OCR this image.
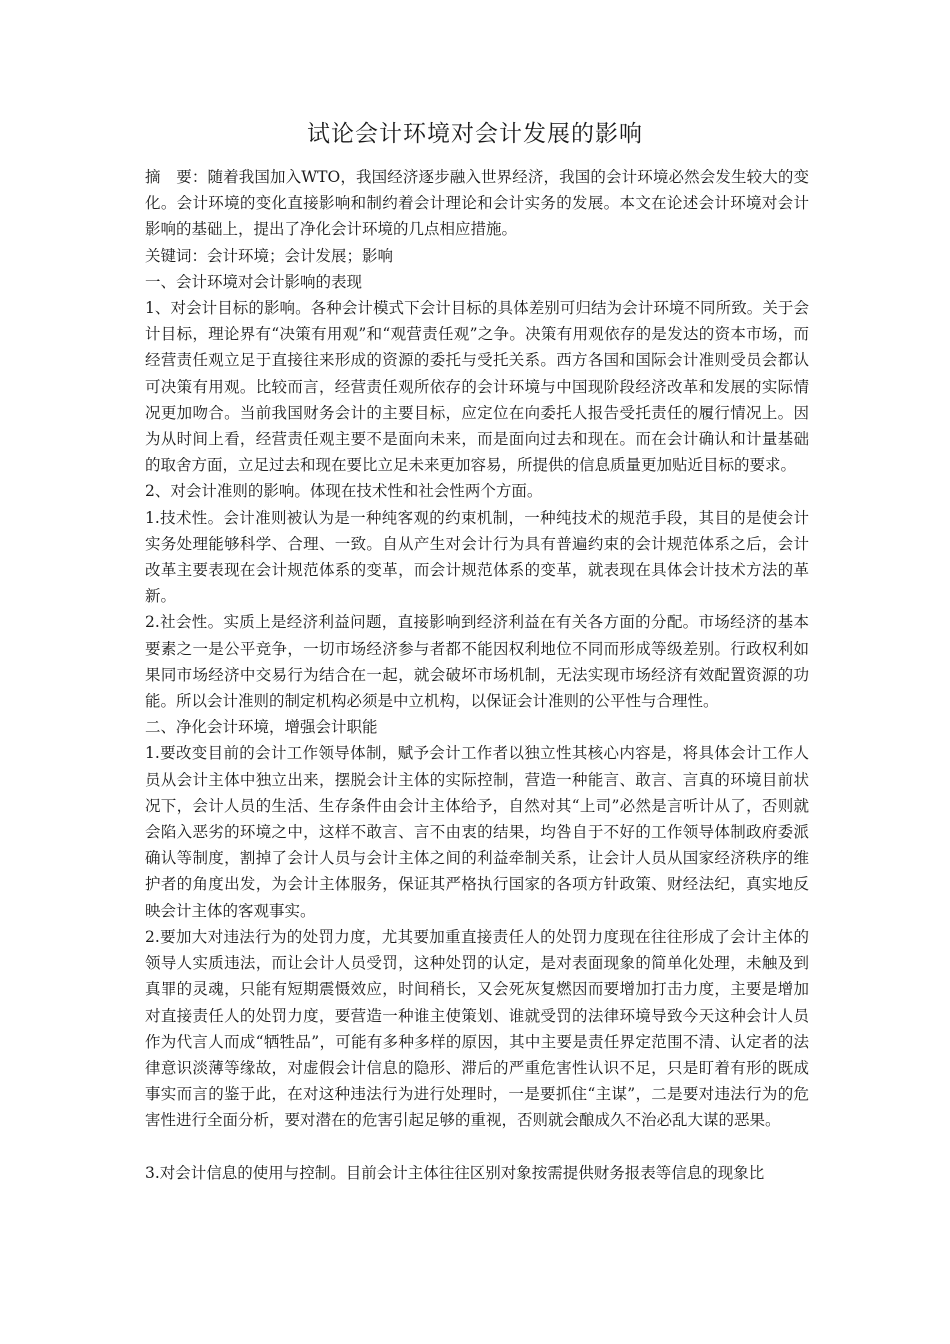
试论会计环境对会计发展的影响

摘　要：随着我国加入WTO，我国经济逐步融入世界经济，我国的会计环境必然会发生较大的变化。会计环境的变化直接影响和制约着会计理论和会计实务的发展。本文在论述会计环境对会计影响的基础上，提出了净化会计环境的几点相应措施。

关键词：会计环境；会计发展；影响

一、会计环境对会计影响的表现

1、对会计目标的影响。各种会计模式下会计目标的具体差别可归结为会计环境不同所致。关于会计目标，理论界有“决策有用观”和“观营责任观”之争。决策有用观依存的是发达的资本市场，而经营责任观立足于直接往来形成的资源的委托与受托关系。西方各国和国际会计准则受员会都认可决策有用观。比较而言，经营责任观所依存的会计环境与中国现阶段经济改革和发展的实际情况更加吻合。当前我国财务会计的主要目标，应定位在向委托人报告受托责任的履行情况上。因为从时间上看，经营责任观主要不是面向未来，而是面向过去和现在。而在会计确认和计量基础的取舍方面，立足过去和现在要比立足未来更加容易，所提供的信息质量更加贴近目标的要求。

2、对会计准则的影响。体现在技术性和社会性两个方面。

1.技术性。会计准则被认为是一种纯客观的约束机制，一种纯技术的规范手段，其目的是使会计实务处理能够科学、合理、一致。自从产生对会计行为具有普遍约束的会计规范体系之后，会计改革主要表现在会计规范体系的变革，而会计规范体系的变革，就表现在具体会计技术方法的革新。

2.社会性。实质上是经济利益问题，直接影响到经济利益在有关各方面的分配。市场经济的基本要素之一是公平竞争，一切市场经济参与者都不能因权利地位不同而形成等级差别。行政权利如果同市场经济中交易行为结合在一起，就会破坏市场机制，无法实现市场经济有效配置资源的功能。所以会计准则的制定机构必须是中立机构，以保证会计准则的公平性与合理性。

二、净化会计环境，增强会计职能

1.要改变目前的会计工作领导体制，赋予会计工作者以独立性其核心内容是，将具体会计工作人员从会计主体中独立出来，摆脱会计主体的实际控制，营造一种能言、敢言、言真的环境目前状况下，会计人员的生活、生存条件由会计主体给予，自然对其“上司”必然是言听计从了，否则就会陷入恶劣的环境之中，这样不敢言、言不由衷的结果，均咎自于不好的工作领导体制政府委派确认等制度，割掉了会计人员与会计主体之间的利益牵制关系，让会计人员从国家经济秩序的维护者的角度出发，为会计主体服务，保证其严格执行国家的各项方针政策、财经法纪，真实地反映会计主体的客观事实。

2.要加大对违法行为的处罚力度，尤其要加重直接责任人的处罚力度现在往往形成了会计主体的领导人实质违法，而让会计人员受罚，这种处罚的认定，是对表面现象的简单化处理，未触及到真罪的灵魂，只能有短期震慑效应，时间稍长，又会死灰复燃因而要增加打击力度，主要是增加对直接责任人的处罚力度，要营造一种谁主使策划、谁就受罚的法律环境导致今天这种会计人员作为代言人而成“牺牲品”，可能有多种多样的原因，其中主要是责任界定范围不清、认定者的法律意识淡薄等缘故，对虚假会计信息的隐形、滞后的严重危害性认识不足，只是盯着有形的既成事实而言的鉴于此，在对这种违法行为进行处理时，一是要抓住“主谋”，二是要对违法行为的危害性进行全面分析，要对潜在的危害引起足够的重视，否则就会酿成久不治必乱大谋的恶果。

3.对会计信息的使用与控制。目前会计主体往往区别对象按需提供财务报表等信息的现象比
